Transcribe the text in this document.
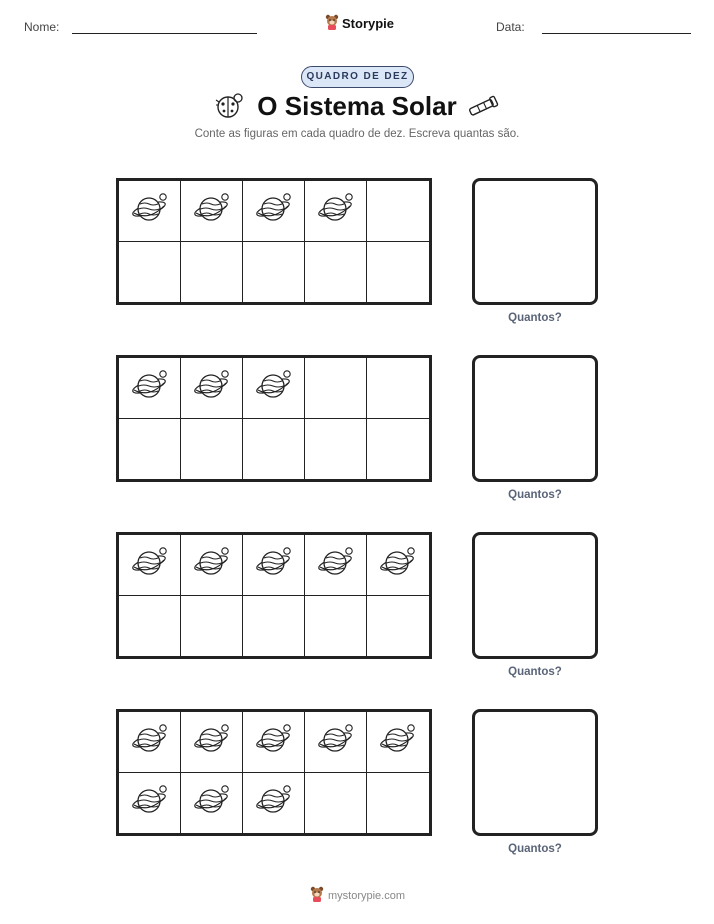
Nome:	Storypie	Data:
QUADRO DE DEZ
O Sistema Solar
Conte as figuras em cada quadro de dez. Escreva quantas são.
Quantos?
Quantos?
Quantos?
Quantos?
mystorypie.com
